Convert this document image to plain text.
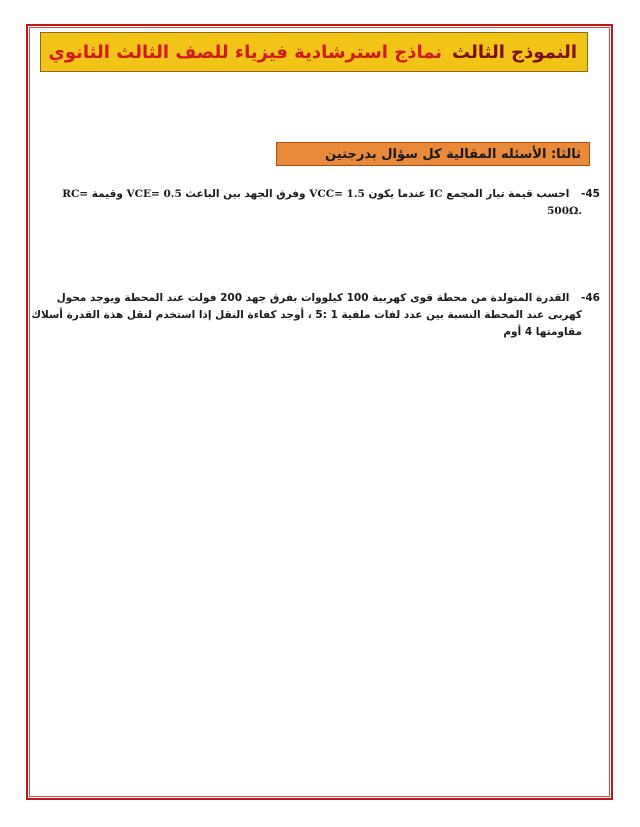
النموذج الثالث
نماذج استرشادية فيزياء للصف الثالث الثانوي
ثالثا: الأسئله المقالية كل سؤال بدرجتين
45- احسب قيمة تيار المجمع IC عندما يكون VCC= 1.5 وفرق الجهد بين الباعث VCE= 0.5 وقيمة RC=
500Ω.
46- القدرة المتولدة من محطة قوى كهربية 100 كيلووات بفرق جهد 200 فولت عند المحطة ويوجد محول
كهربى عند المحطة النسبة بين عدد لفات ملفية 1 :5 ، أوجد كفاءة النقل إذا استخدم لنقل هذة القدرة أسلاك
مقاومتها 4 أوم
